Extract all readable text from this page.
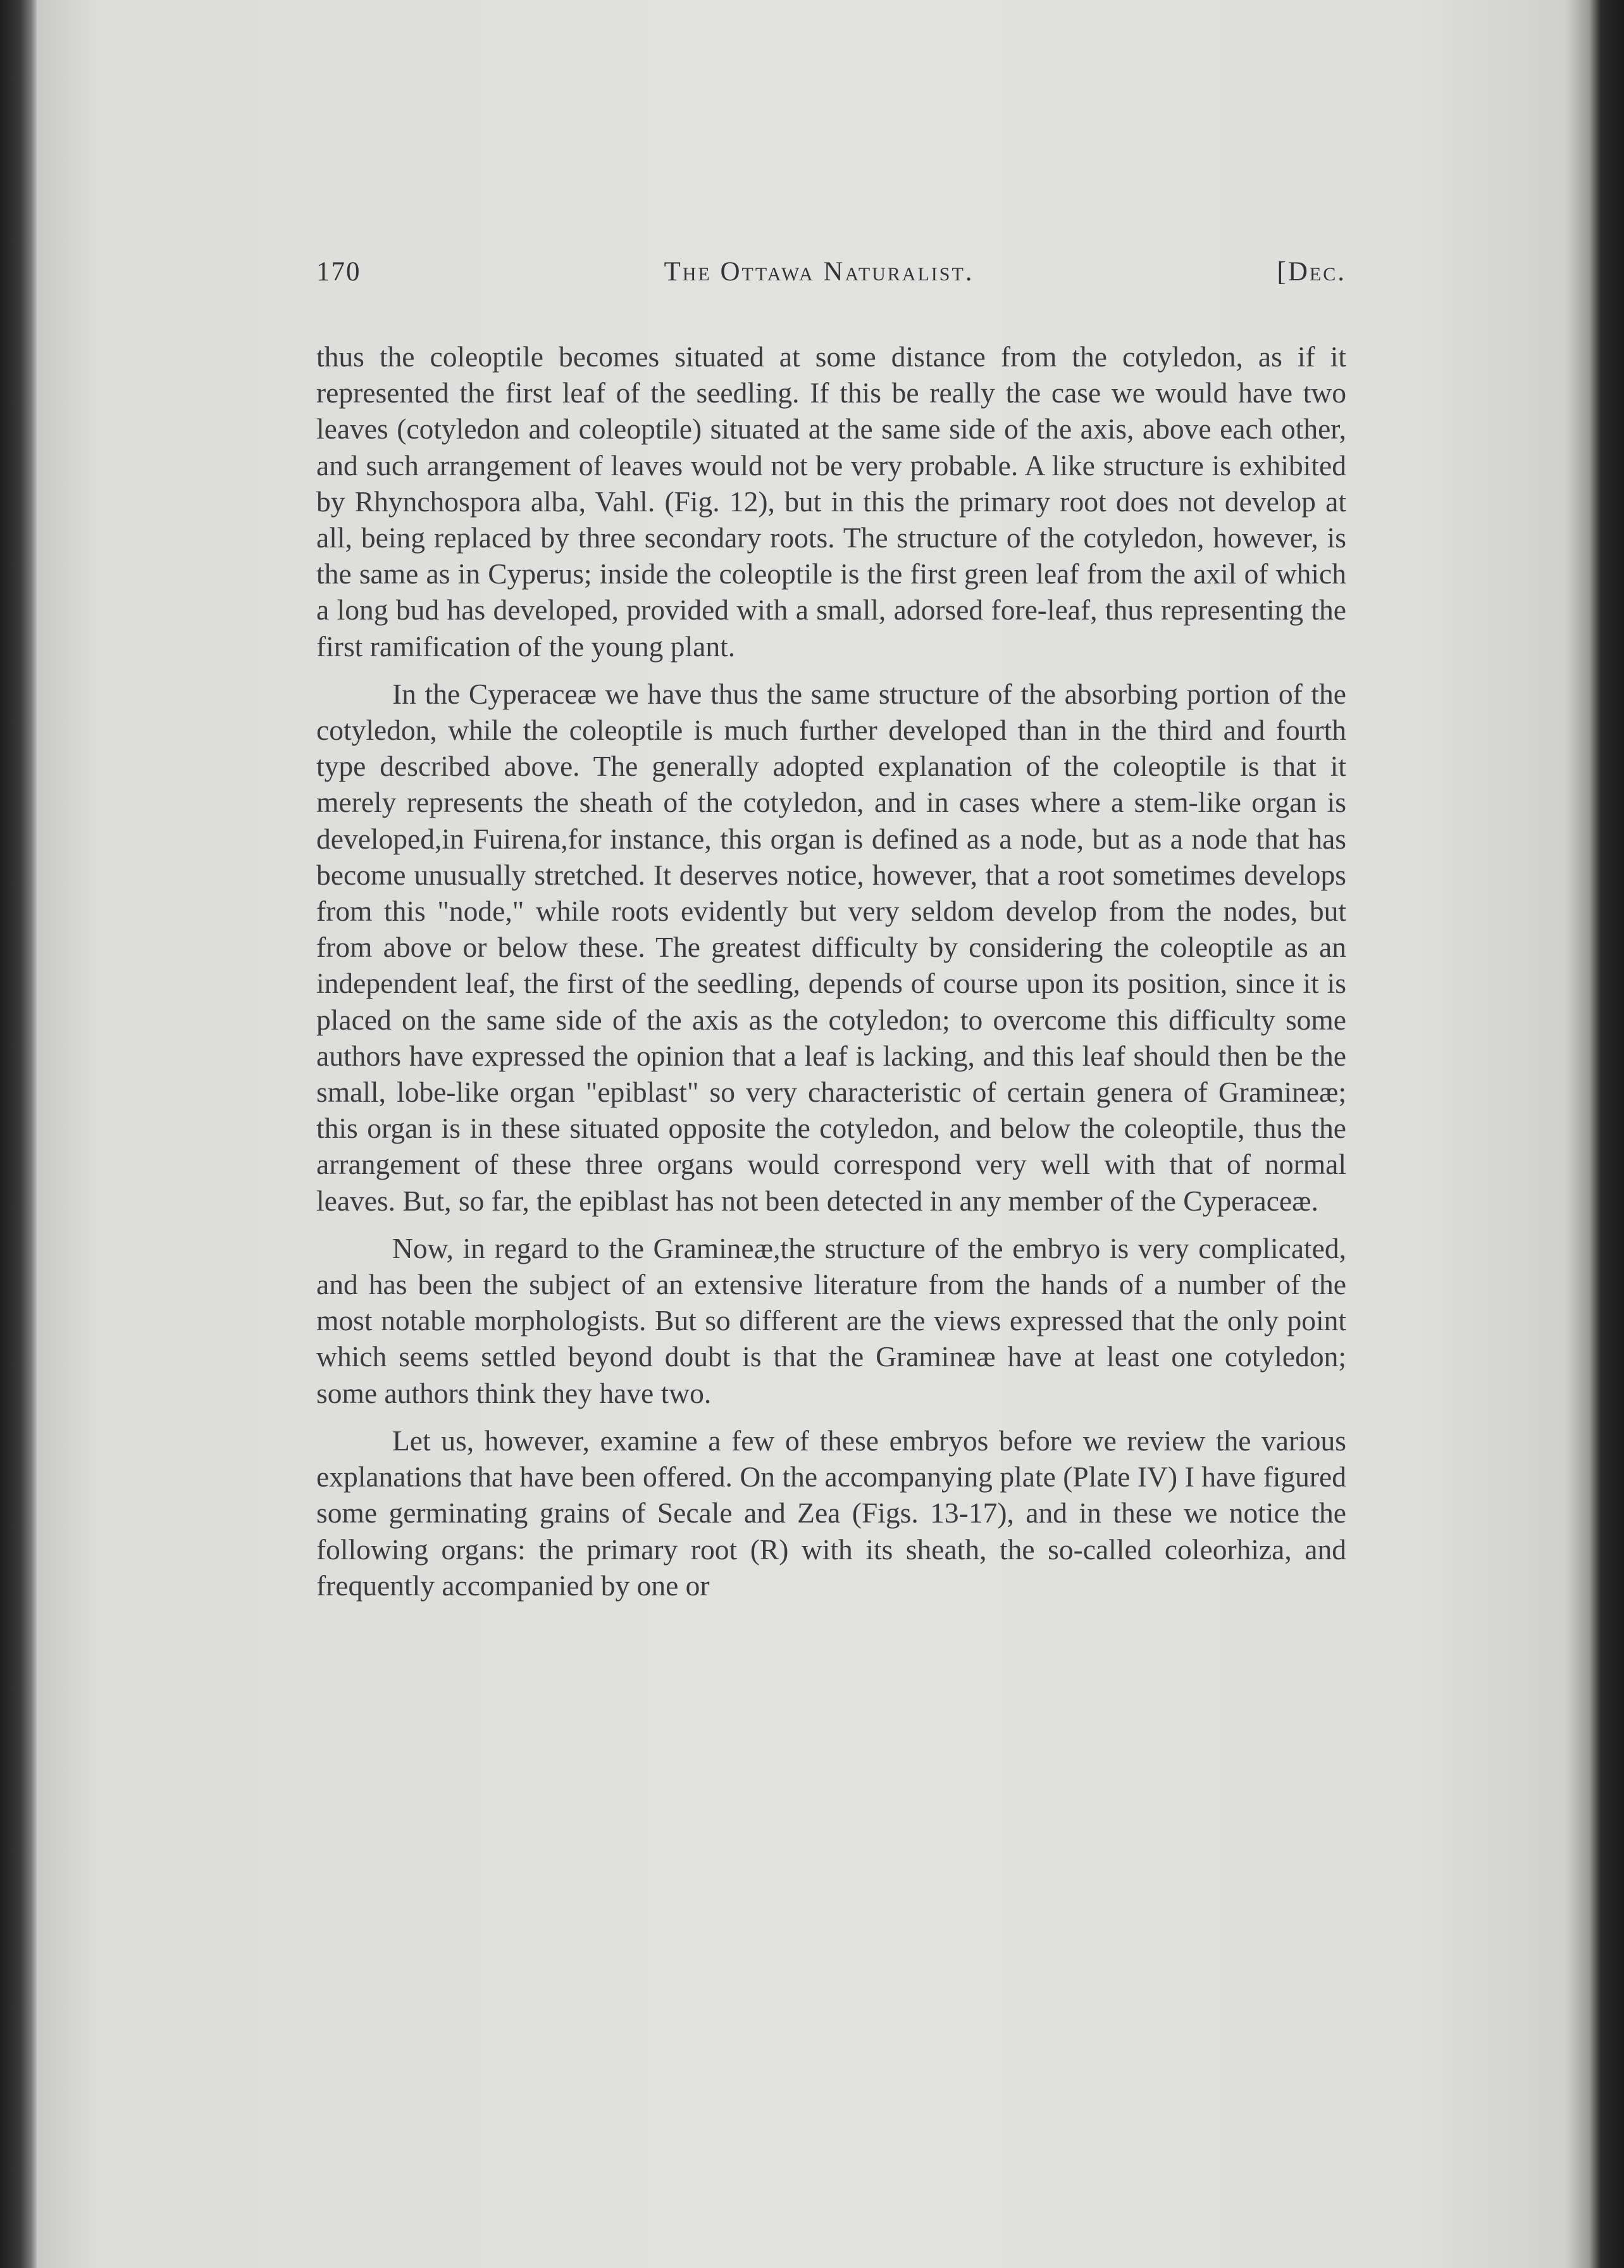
170	The Ottawa Naturalist.	[Dec.

thus the coleoptile becomes situated at some distance from the cotyledon, as if it represented the first leaf of the seedling. If this be really the case we would have two leaves (cotyledon and coleoptile) situated at the same side of the axis, above each other, and such arrangement of leaves would not be very probable. A like structure is exhibited by Rhynchospora alba, Vahl. (Fig. 12), but in this the primary root does not develop at all, being replaced by three secondary roots. The structure of the cotyledon, however, is the same as in Cyperus; inside the coleoptile is the first green leaf from the axil of which a long bud has developed, provided with a small, adorsed fore-leaf, thus representing the first ramification of the young plant.

In the Cyperaceæ we have thus the same structure of the absorbing portion of the cotyledon, while the coleoptile is much further developed than in the third and fourth type described above. The generally adopted explanation of the coleoptile is that it merely represents the sheath of the cotyledon, and in cases where a stem-like organ is developed,in Fuirena,for instance, this organ is defined as a node, but as a node that has become unusually stretched. It deserves notice, however, that a root sometimes develops from this "node," while roots evidently but very seldom develop from the nodes, but from above or below these. The greatest difficulty by considering the coleoptile as an independent leaf, the first of the seedling, depends of course upon its position, since it is placed on the same side of the axis as the cotyledon; to overcome this difficulty some authors have expressed the opinion that a leaf is lacking, and this leaf should then be the small, lobe-like organ "epiblast" so very characteristic of certain genera of Gramineæ; this organ is in these situated opposite the cotyledon, and below the coleoptile, thus the arrangement of these three organs would correspond very well with that of normal leaves. But, so far, the epiblast has not been detected in any member of the Cyperaceæ.

Now, in regard to the Gramineæ,the structure of the embryo is very complicated, and has been the subject of an extensive literature from the hands of a number of the most notable morphologists. But so different are the views expressed that the only point which seems settled beyond doubt is that the Gramineæ have at least one cotyledon; some authors think they have two.

Let us, however, examine a few of these embryos before we review the various explanations that have been offered. On the accompanying plate (Plate IV) I have figured some germinating grains of Secale and Zea (Figs. 13-17), and in these we notice the following organs: the primary root (R) with its sheath, the so-called coleorhiza, and frequently accompanied by one or
